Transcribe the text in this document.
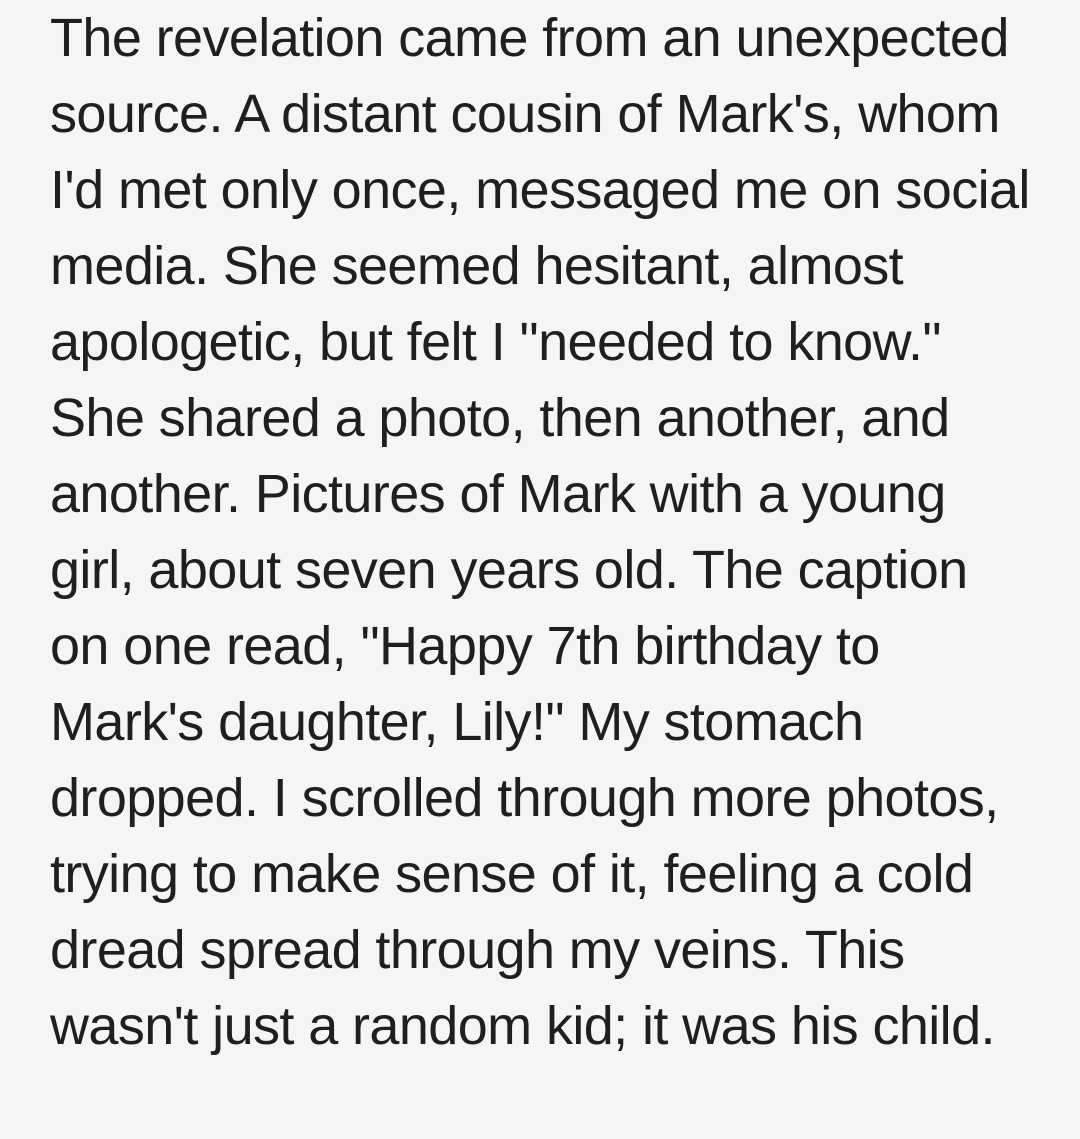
The revelation came from an unexpected
source. A distant cousin of Mark's, whom
I'd met only once, messaged me on social
media. She seemed hesitant, almost
apologetic, but felt I "needed to know."
She shared a photo, then another, and
another. Pictures of Mark with a young
girl, about seven years old. The caption
on one read, "Happy 7th birthday to
Mark's daughter, Lily!" My stomach
dropped. I scrolled through more photos,
trying to make sense of it, feeling a cold
dread spread through my veins. This
wasn't just a random kid; it was his child.
